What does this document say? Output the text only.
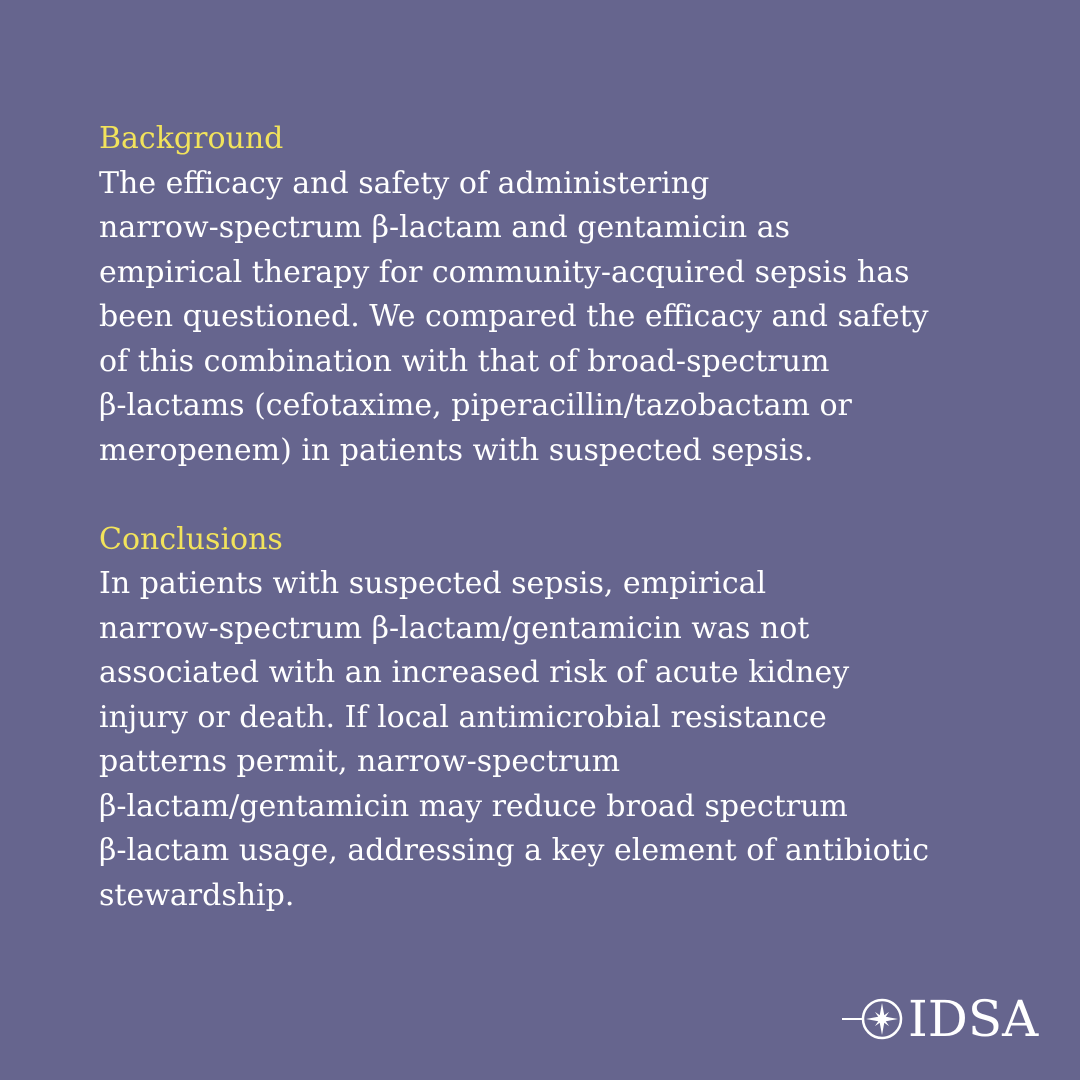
Background
The efficacy and safety of administering
narrow-spectrum β-lactam and gentamicin as
empirical therapy for community-acquired sepsis has
been questioned. We compared the efficacy and safety
of this combination with that of broad-spectrum
β-lactams (cefotaxime, piperacillin/tazobactam or
meropenem) in patients with suspected sepsis.
Conclusions
In patients with suspected sepsis, empirical
narrow-spectrum β-lactam/gentamicin was not
associated with an increased risk of acute kidney
injury or death. If local antimicrobial resistance
patterns permit, narrow-spectrum
β-lactam/gentamicin may reduce broad spectrum
β-lactam usage, addressing a key element of antibiotic
stewardship.
IDSA
